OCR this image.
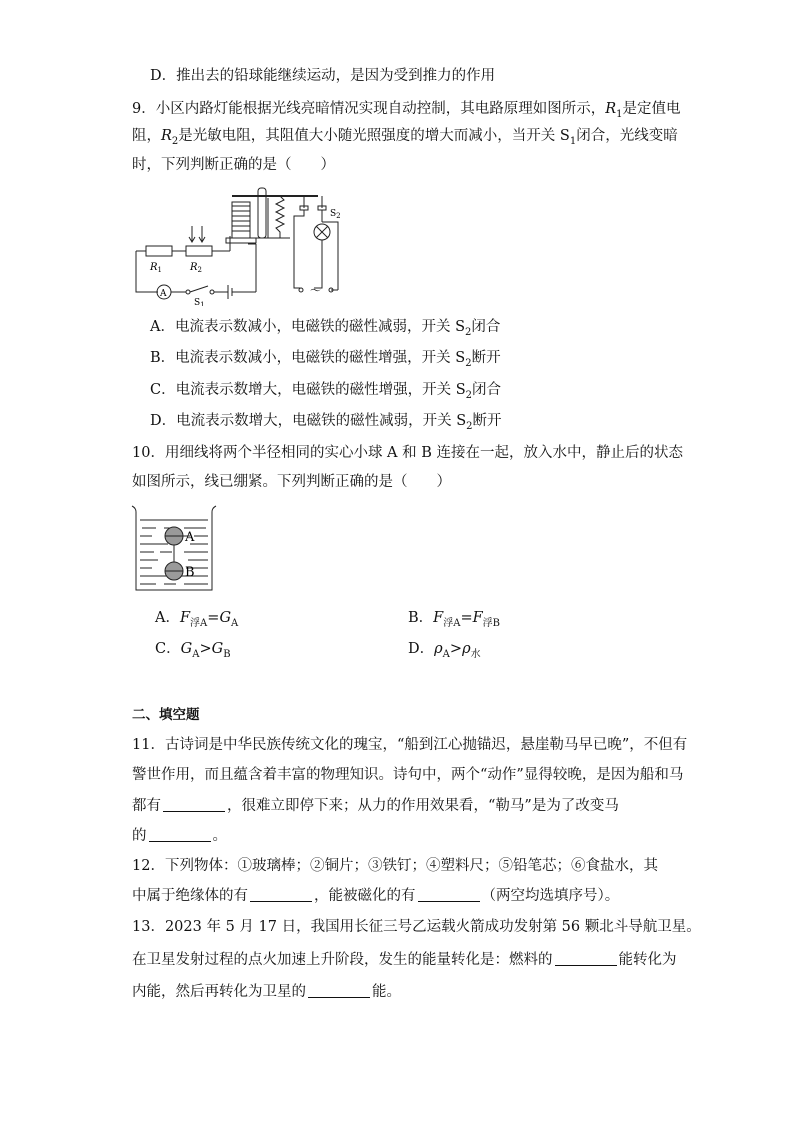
D．推出去的铅球能继续运动，是因为受到推力的作用
9．小区内路灯能根据光线亮暗情况实现自动控制，其电路原理如图所示，$R_1$是定值电
阻，$R_2$是光敏电阻，其阻值大小随光照强度的增大而减小，当开关 $S_1$闭合，光线变暗
时，下列判断正确的是（　　）
$R_1$	$R_2$
A
$S_1$
$S_2$
～
A．电流表示数减小，电磁铁的磁性减弱，开关 $S_2$闭合
B．电流表示数减小，电磁铁的磁性增强，开关 $S_2$断开
C．电流表示数增大，电磁铁的磁性增强，开关 $S_2$闭合
D．电流表示数增大，电磁铁的磁性减弱，开关 $S_2$断开
10．用细线将两个半径相同的实心小球 A 和 B 连接在一起，放入水中，静止后的状态
如图所示，线已绷紧。下列判断正确的是（　　）
A
B
A．$F_{浮A}=G_A$	B．$F_{浮A}=F_{浮B}$
C．$G_A>G_B$	D．$\rho_A>\rho_水$
二、填空题
11．古诗词是中华民族传统文化的瑰宝，“船到江心抛锚迟，悬崖勒马早已晚”，不但有
警世作用，而且蕴含着丰富的物理知识。诗句中，两个“动作”显得较晚，是因为船和马
都有	，很难立即停下来；从力的作用效果看，“勒马”是为了改变马
的	。
12．下列物体：①玻璃棒；②铜片；③铁钉；④塑料尺；⑤铅笔芯；⑥食盐水，其
中属于绝缘体的有	，能被磁化的有	（两空均选填序号）。
13．2023 年 5 月 17 日，我国用长征三号乙运载火箭成功发射第 56 颗北斗导航卫星。
在卫星发射过程的点火加速上升阶段，发生的能量转化是：燃料的	能转化为
内能，然后再转化为卫星的	能。
